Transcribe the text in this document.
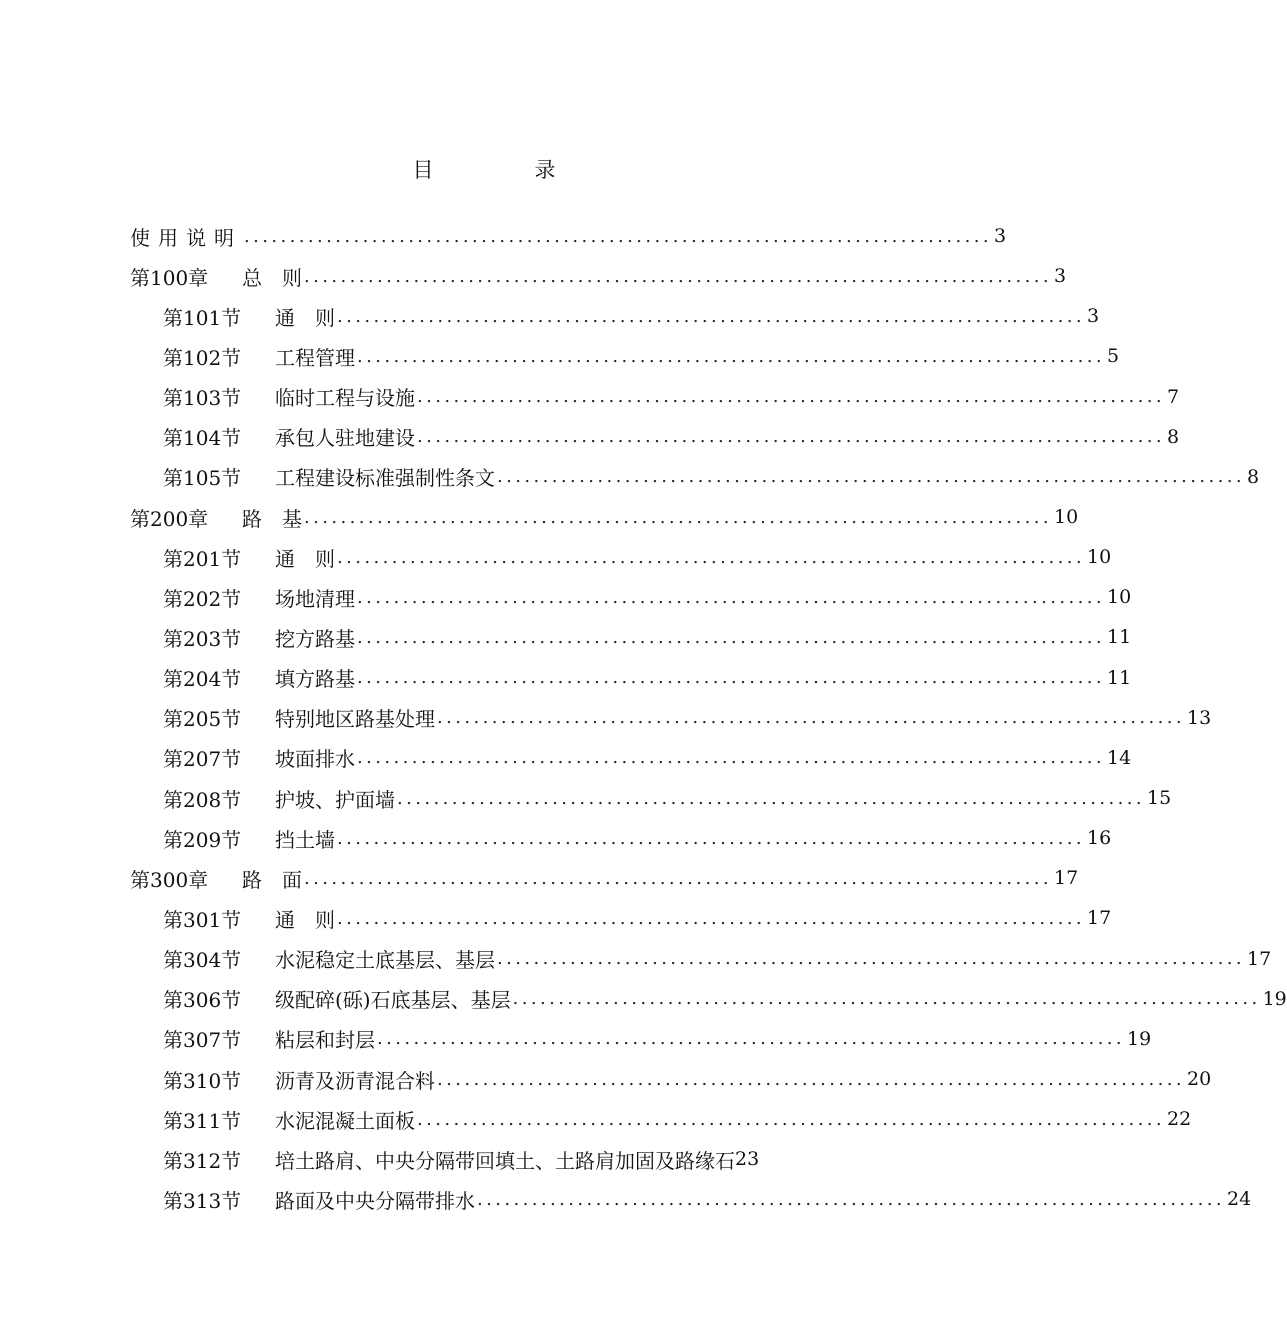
目　录
使用说明 .................................................................................. 3
第100章	总　则 .................................................................................. 3
第101节	通　则 .................................................................................. 3
第102节	工程管理 .................................................................................. 5
第103节	临时工程与设施 .................................................................................. 7
第104节	承包人驻地建设 .................................................................................. 8
第105节	工程建设标准强制性条文 .................................................................................. 8
第200章	路　基 .................................................................................. 10
第201节	通　则 .................................................................................. 10
第202节	场地清理 .................................................................................. 10
第203节	挖方路基 .................................................................................. 11
第204节	填方路基 .................................................................................. 11
第205节	特别地区路基处理 .................................................................................. 13
第207节	坡面排水 .................................................................................. 14
第208节	护坡、护面墙 .................................................................................. 15
第209节	挡土墙 .................................................................................. 16
第300章	路　面 .................................................................................. 17
第301节	通　则 .................................................................................. 17
第304节	水泥稳定土底基层、基层 .................................................................................. 17
第306节	级配碎(砾)石底基层、基层 .................................................................................. 19
第307节	粘层和封层 .................................................................................. 19
第310节	沥青及沥青混合料 .................................................................................. 20
第311节	水泥混凝土面板 .................................................................................. 22
第312节	培土路肩、中央分隔带回填土、土路肩加固及路缘石 23
第313节	路面及中央分隔带排水 .................................................................................. 24
